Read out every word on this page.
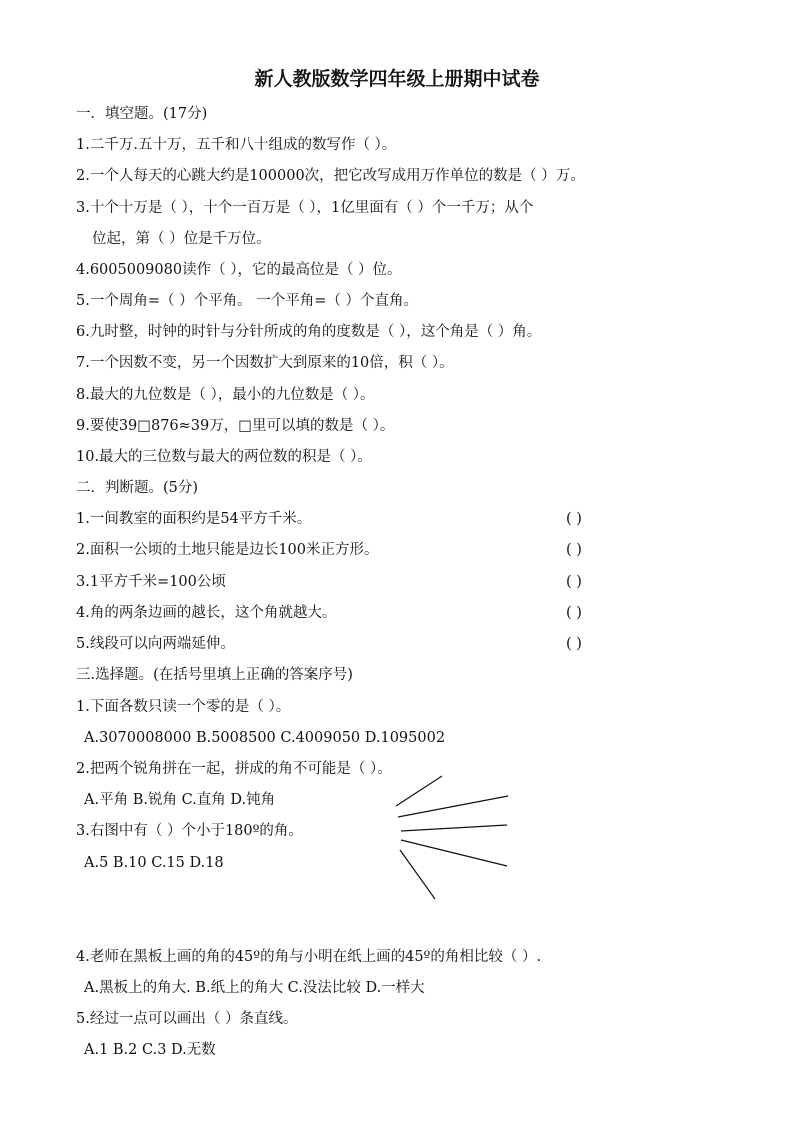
新人教版数学四年级上册期中试卷
一．填空题。(17分)
1.二千万.五十万，五千和八十组成的数写作（ ）。
2.一个人每天的心跳大约是100000次，把它改写成用万作单位的数是（ ）万。
3.十个十万是（ ），十个一百万是（ ），1亿里面有（ ）个一千万；从个
位起，第（ ）位是千万位。
4.6005009080读作（ ），它的最高位是（ ）位。
5.一个周角=（ ）个平角。 一个平角=（ ）个直角。
6.九时整，时钟的时针与分针所成的角的度数是（ ），这个角是（ ）角。
7.一个因数不变，另一个因数扩大到原来的10倍，积（ ）。
8.最大的九位数是（ ），最小的九位数是（ ）。
9.要使39□876≈39万，□里可以填的数是（ ）。
10.最大的三位数与最大的两位数的积是（ ）。
二．判断题。(5分)
1.一间教室的面积约是54平方千米。	( )
2.面积一公顷的土地只能是边长100米正方形。	( )
3.1平方千米=100公顷	( )
4.角的两条边画的越长，这个角就越大。	( )
5.线段可以向两端延伸。	( )
三.选择题。(在括号里填上正确的答案序号)
1.下面各数只读一个零的是（ ）。
A.3070008000 B.5008500 C.4009050 D.1095002
2.把两个锐角拼在一起，拼成的角不可能是（ ）。
A.平角 B.锐角 C.直角 D.钝角
3.右图中有（ ）个小于180º的角。
A.5 B.10 C.15 D.18
4.老师在黑板上画的角的45º的角与小明在纸上画的45º的角相比较（ ）.
A.黑板上的角大. B.纸上的角大 C.没法比较 D.一样大
5.经过一点可以画出（ ）条直线。
A.1 B.2 C.3 D.无数
